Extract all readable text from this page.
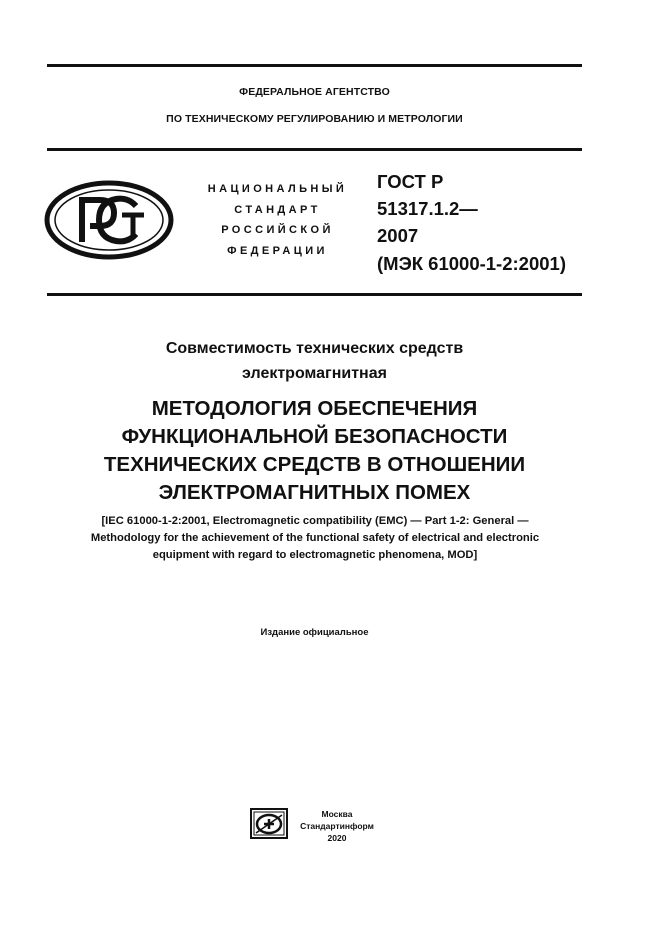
ФЕДЕРАЛЬНОЕ АГЕНТСТВО
ПО ТЕХНИЧЕСКОМУ РЕГУЛИРОВАНИЮ И МЕТРОЛОГИИ
НАЦИОНАЛЬНЫЙ
СТАНДАРТ
РОССИЙСКОЙ
ФЕДЕРАЦИИ
ГОСТ Р
51317.1.2—
2007
(МЭК 61000-1-2:2001)
Совместимость технических средств
электромагнитная
МЕТОДОЛОГИЯ ОБЕСПЕЧЕНИЯ
ФУНКЦИОНАЛЬНОЙ БЕЗОПАСНОСТИ
ТЕХНИЧЕСКИХ СРЕДСТВ В ОТНОШЕНИИ
ЭЛЕКТРОМАГНИТНЫХ ПОМЕХ
[IEC 61000-1-2:2001, Electromagnetic compatibility (EMC) — Part 1-2: General —
Methodology for the achievement of the functional safety of electrical and electronic
equipment with regard to electromagnetic phenomena, MOD]
Издание официальное
Москва
Стандартинформ
2020
